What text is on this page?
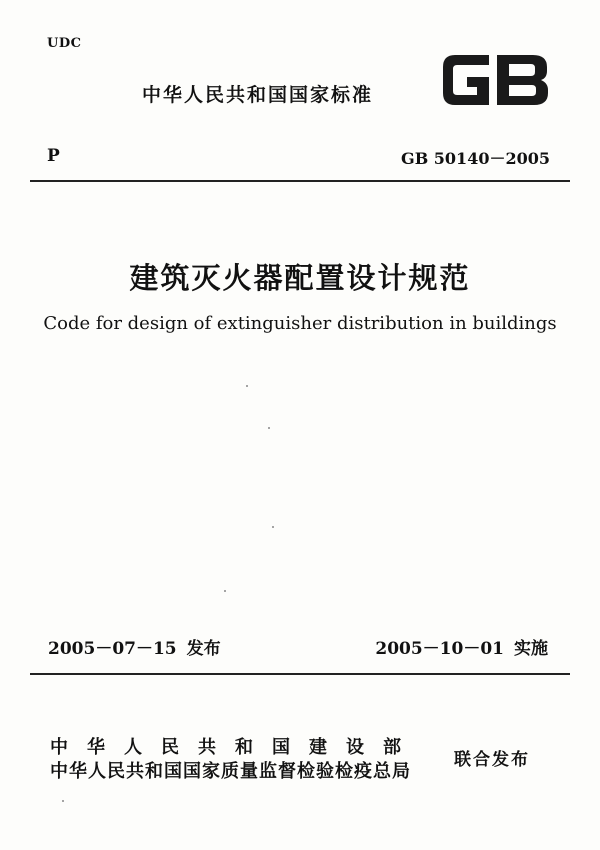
UDC
中华人民共和国国家标准
P	GB 50140－2005
建筑灭火器配置设计规范
Code for design of extinguisher distribution in buildings
2005－07－15 发布	2005－10－01 实施
中华人民共和国建设部
中华人民共和国国家质量监督检验检疫总局
联合发布
